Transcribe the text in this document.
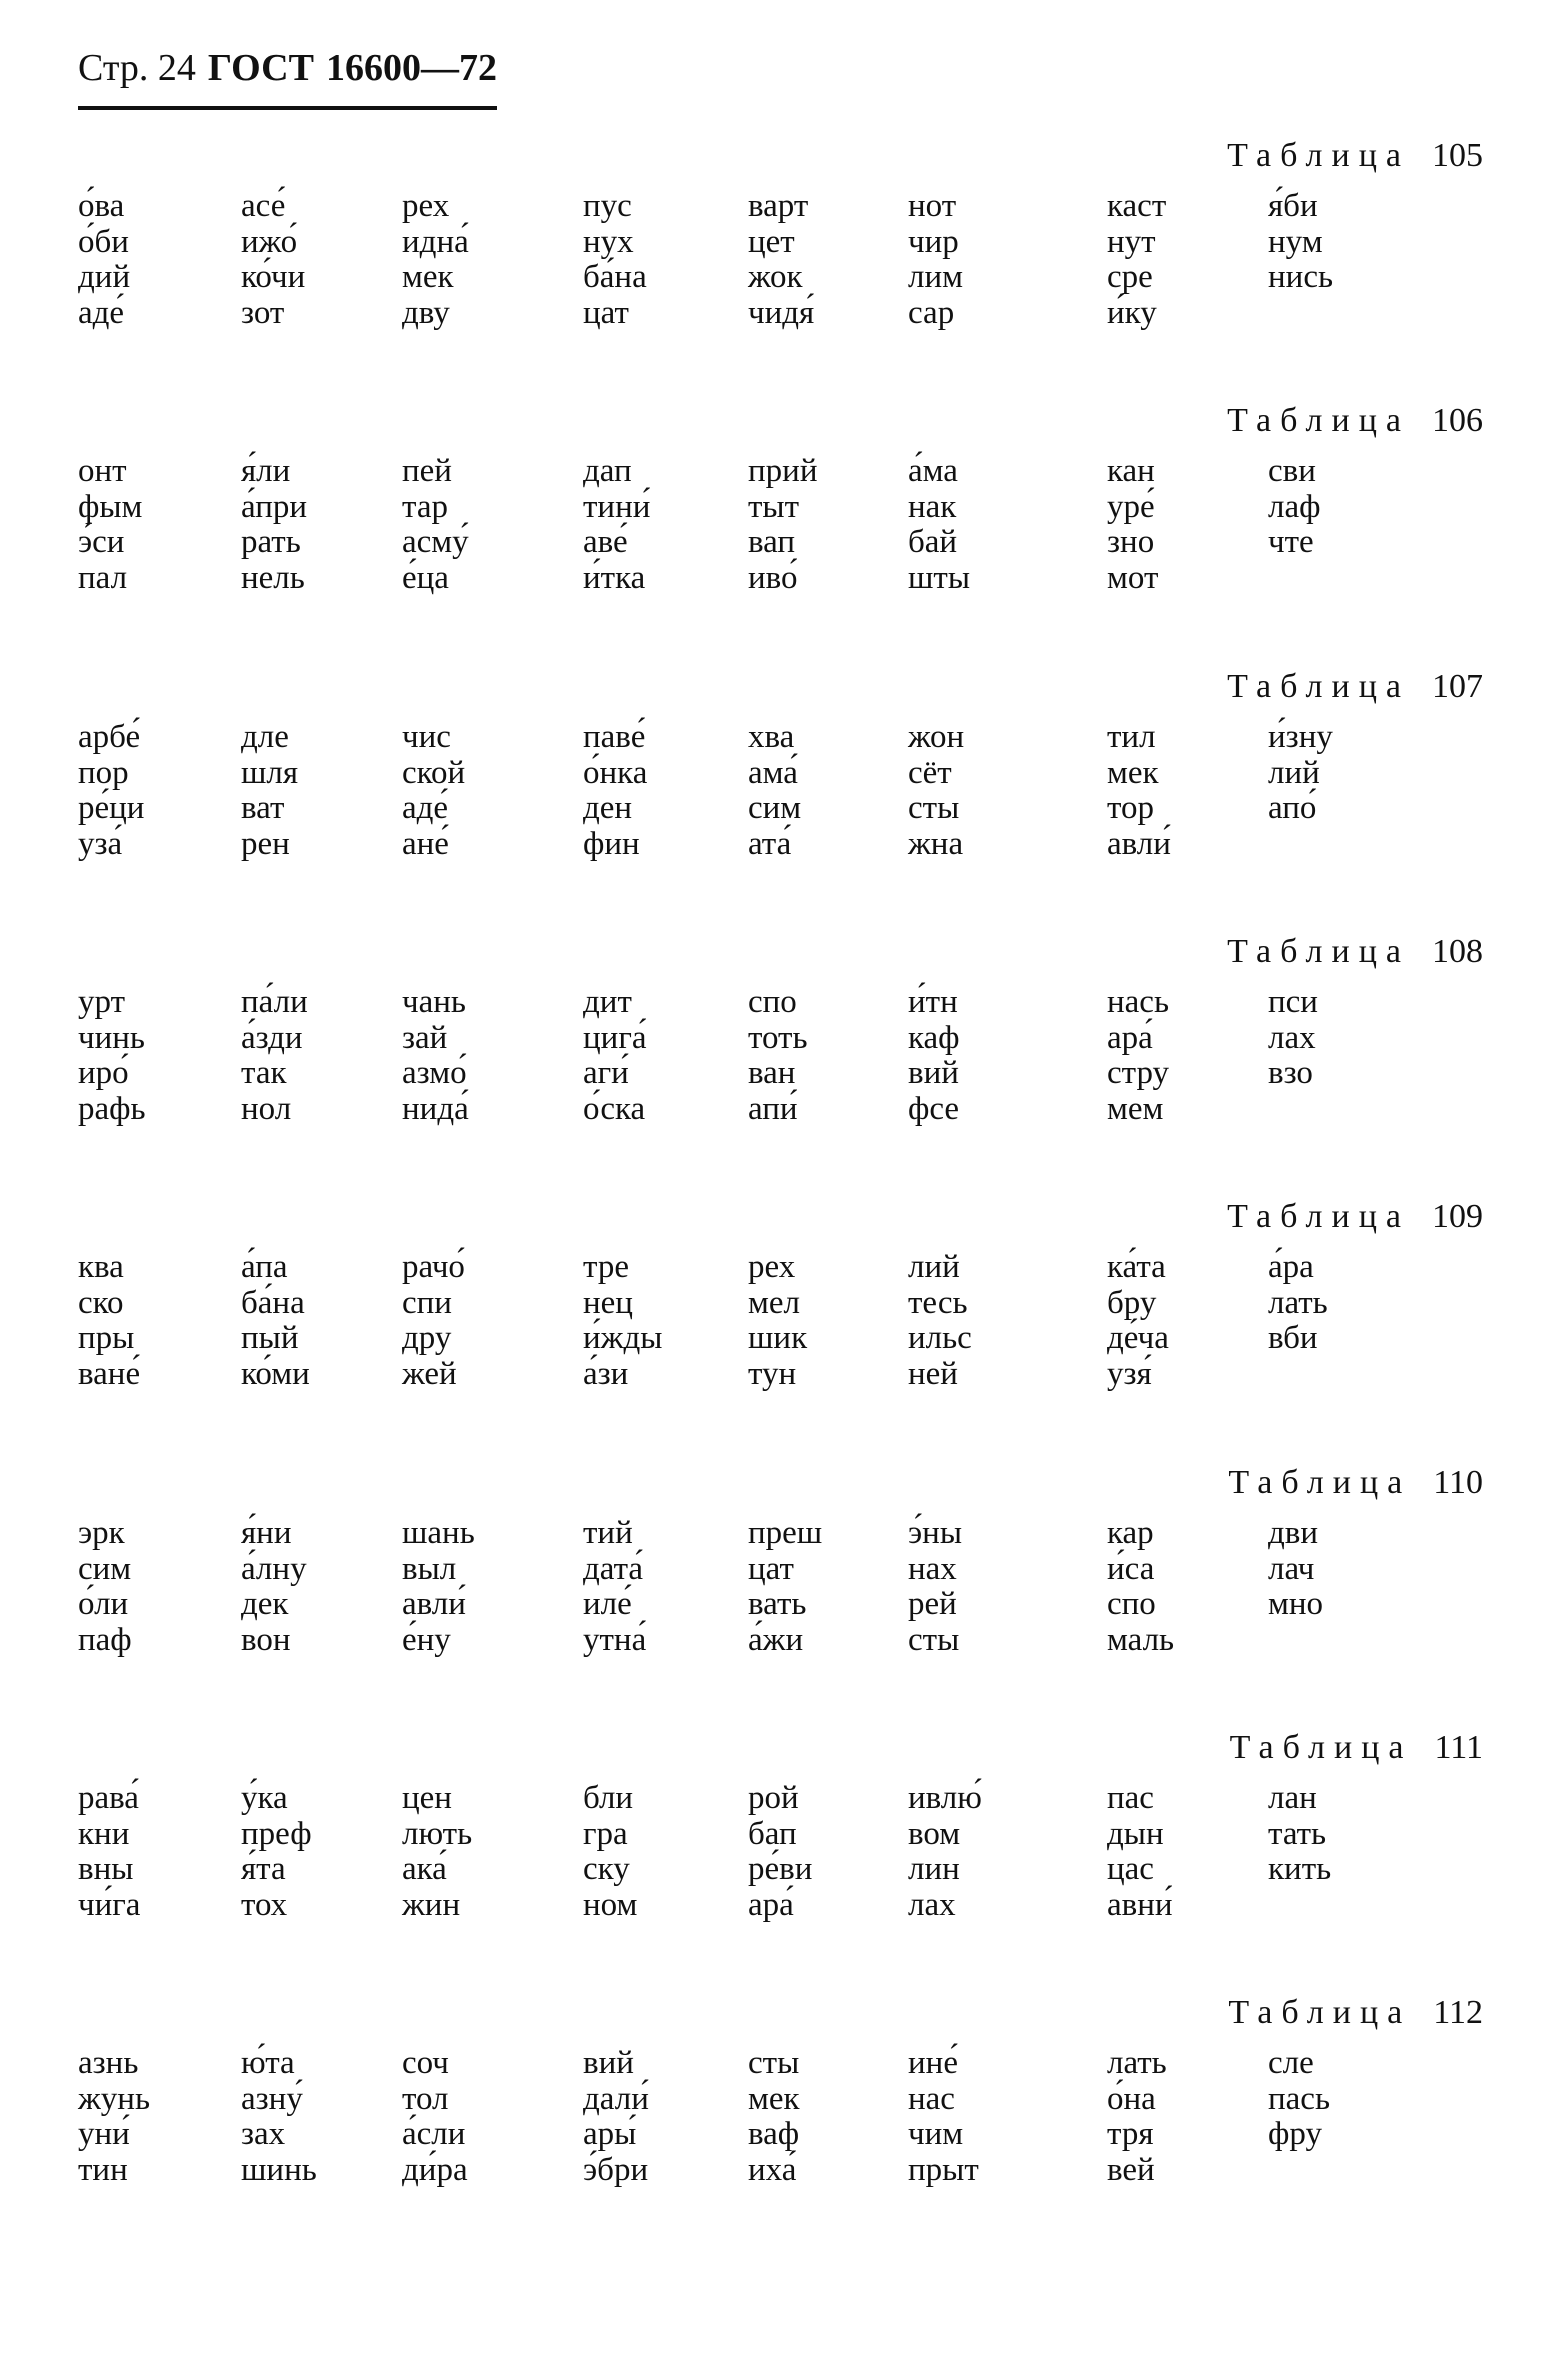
Стр. 24 ГОСТ 16600—72
Таблица 105
о́ва
о́би
дий
аде́
асе́
ижо́
ко́чи
зот
рех
идна́
мек
дву
пус
нух
ба́на
цат
варт
цет
жок
чидя́
нот
чир
лим
сар
каст
нут
сре
и́ку
я́би
нум
нись
Таблица 106
онт
фым
э́си
пал
я́ли
а́при
рать
нель
пей
тар
асму́
е́ца
дап
тини́
аве́
и́тка
прий
тыт
вап
иво́
а́ма
нак
бай
шты
кан
уре́
зно
мот
сви
лаф
чте
Таблица 107
арбе́
пор
ре́ци
уза́
дле
шля
ват
рен
чис
ской
аде́
ане́
паве́
о́нка
ден
фин
хва
ама́
сим
ата́
жон
сёт
сты
жна
тил
мек
тор
авли́
и́зну
лий
апо́
Таблица 108
урт
чинь
иро́
рафь
па́ли
а́зди
так
нол
чань
зай
азмо́
нида́
дит
цига́
аги́
о́ска
спо
тоть
ван
апи́
и́тн
каф
вий
фсе
нась
ара́
стру
мем
пси
лах
взо
Таблица 109
ква
ско
пры
ване́
а́па
ба́на
пый
ко́ми
рачо́
спи
дру
жей
тре
нец
и́жды
а́зи
рех
мел
шик
тун
лий
тесь
ильс
ней
ка́та
бру
де́ча
узя́
а́ра
лать
вби
Таблица 110
эрк
сим
о́ли
паф
я́ни
а́лну
дек
вон
шань
выл
авли́
е́ну
тий
дата́
иле́
утна́
преш
цат
вать
а́жи
э́ны
нах
рей
сты
кар
и́са
спо
маль
дви
лач
мно
Таблица 111
рава́
кни
вны
чи́га
у́ка
преф
я́та
тох
цен
лють
ака́
жин
бли
гра
ску
ном
рой
бап
ре́ви
ара́
ивлю́
вом
лин
лах
пас
дын
цас
авни́
лан
тать
кить
Таблица 112
азнь
жунь
уни́
тин
ю́та
азну́
зах
шинь
соч
тол
а́сли
ди́ра
вий
дали́
ары́
э́бри
сты
мек
ваф
иха́
ине́
нас
чим
прыт
лать
о́на
тря
вей
сле
пась
фру
